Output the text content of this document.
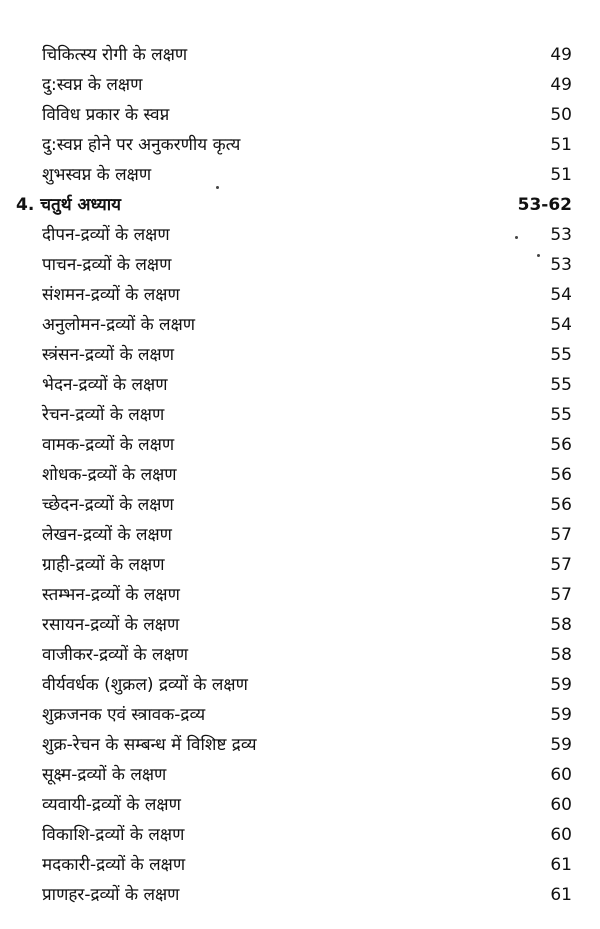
चिकित्स्य रोगी के लक्षण	49
दु:स्वप्न के लक्षण	49
विविध प्रकार के स्वप्न	50
दु:स्वप्न होने पर अनुकरणीय कृत्य	51
शुभस्वप्न के लक्षण	51
4. चतुर्थ अध्याय	53-62
दीपन-द्रव्यों के लक्षण	53
पाचन-द्रव्यों के लक्षण	53
संशमन-द्रव्यों के लक्षण	54
अनुलोमन-द्रव्यों के लक्षण	54
स्त्रंसन-द्रव्यों के लक्षण	55
भेदन-द्रव्यों के लक्षण	55
रेचन-द्रव्यों के लक्षण	55
वामक-द्रव्यों के लक्षण	56
शोधक-द्रव्यों के लक्षण	56
च्छेदन-द्रव्यों के लक्षण	56
लेखन-द्रव्यों के लक्षण	57
ग्राही-द्रव्यों के लक्षण	57
स्तम्भन-द्रव्यों के लक्षण	57
रसायन-द्रव्यों के लक्षण	58
वाजीकर-द्रव्यों के लक्षण	58
वीर्यवर्धक (शुक्रल) द्रव्यों के लक्षण	59
शुक्रजनक एवं स्त्रावक-द्रव्य	59
शुक्र-रेचन के सम्बन्ध में विशिष्ट द्रव्य	59
सूक्ष्म-द्रव्यों के लक्षण	60
व्यवायी-द्रव्यों के लक्षण	60
विकाशि-द्रव्यों के लक्षण	60
मदकारी-द्रव्यों के लक्षण	61
प्राणहर-द्रव्यों के लक्षण	61
